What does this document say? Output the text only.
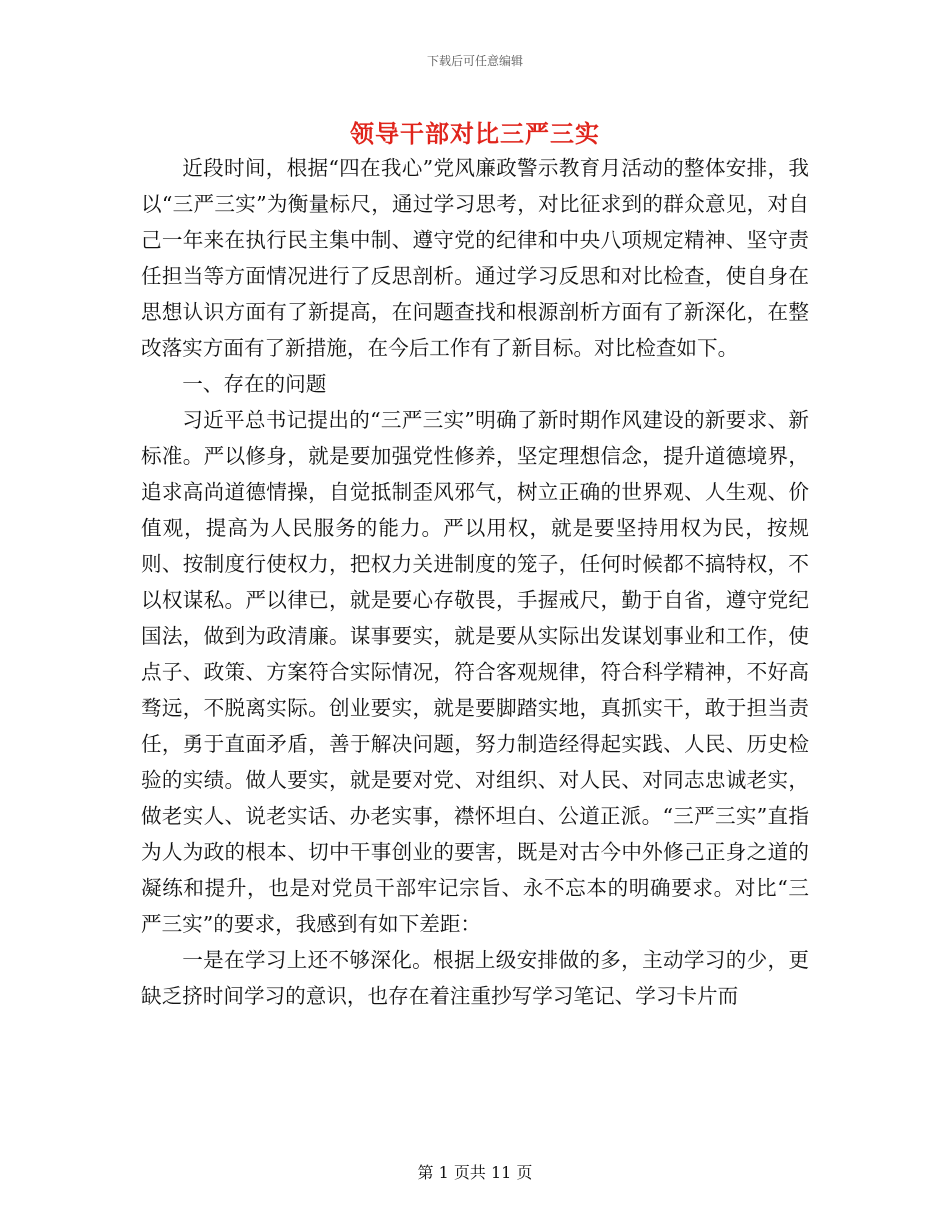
下载后可任意编辑
领导干部对比三严三实

近段时间，根据“四在我心”党风廉政警示教育月活动的整体安排，我以“三严三实”为衡量标尺，通过学习思考，对比征求到的群众意见，对自己一年来在执行民主集中制、遵守党的纪律和中央八项规定精神、坚守责任担当等方面情况进行了反思剖析。通过学习反思和对比检查，使自身在思想认识方面有了新提高，在问题查找和根源剖析方面有了新深化，在整改落实方面有了新措施，在今后工作有了新目标。对比检查如下。

一、存在的问题

习近平总书记提出的“三严三实”明确了新时期作风建设的新要求、新标准。严以修身，就是要加强党性修养，坚定理想信念，提升道德境界，追求高尚道德情操，自觉抵制歪风邪气，树立正确的世界观、人生观、价值观，提高为人民服务的能力。严以用权，就是要坚持用权为民，按规则、按制度行使权力，把权力关进制度的笼子，任何时候都不搞特权，不以权谋私。严以律已，就是要心存敬畏，手握戒尺，勤于自省，遵守党纪国法，做到为政清廉。谋事要实，就是要从实际出发谋划事业和工作，使点子、政策、方案符合实际情况，符合客观规律，符合科学精神，不好高骛远，不脱离实际。创业要实，就是要脚踏实地，真抓实干，敢于担当责任，勇于直面矛盾，善于解决问题，努力制造经得起实践、人民、历史检验的实绩。做人要实，就是要对党、对组织、对人民、对同志忠诚老实，做老实人、说老实话、办老实事，襟怀坦白、公道正派。“三严三实”直指为人为政的根本、切中干事创业的要害，既是对古今中外修己正身之道的凝练和提升，也是对党员干部牢记宗旨、永不忘本的明确要求。对比“三严三实”的要求，我感到有如下差距：

一是在学习上还不够深化。根据上级安排做的多，主动学习的少，更缺乏挤时间学习的意识，也存在着注重抄写学习笔记、学习卡片而

第 1 页共 11 页
